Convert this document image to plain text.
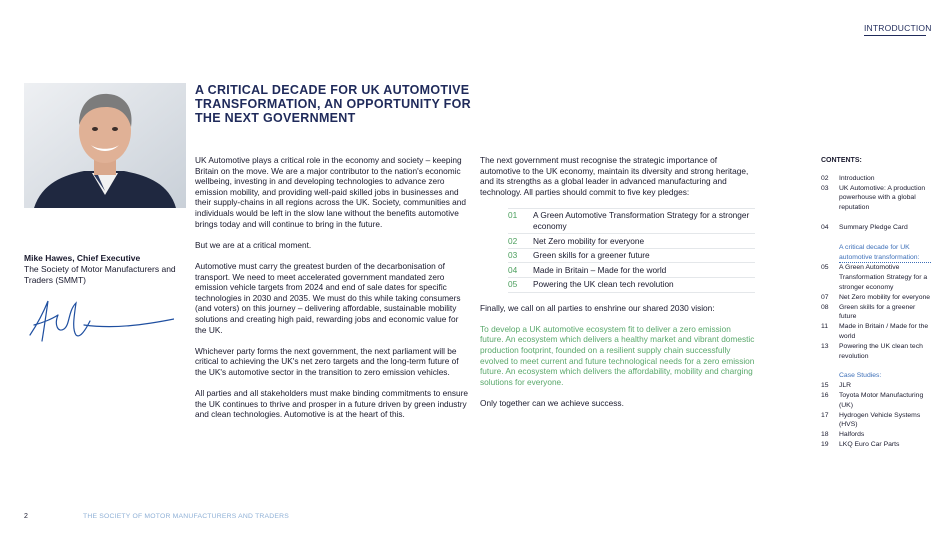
INTRODUCTION
Mike Hawes, Chief Executive
The Society of Motor Manufacturers and Traders (SMMT)
A CRITICAL DECADE FOR UK AUTOMOTIVE TRANSFORMATION, AN OPPORTUNITY FOR THE NEXT GOVERNMENT

UK Automotive plays a critical role in the economy and society – keeping Britain on the move. We are a major contributor to the nation's economic wellbeing, investing in and developing technologies to advance zero emission mobility, and providing well-paid skilled jobs in businesses and their supply-chains in all regions across the UK. Society, communities and individuals would be left in the slow lane without the benefits automotive brings today and will continue to bring in the future.

But we are at a critical moment.

Automotive must carry the greatest burden of the decarbonisation of transport. We need to meet accelerated government mandated zero emission vehicle targets from 2024 and end of sale dates for specific technologies in 2030 and 2035. We must do this while taking consumers (and voters) on this journey – delivering affordable, sustainable mobility solutions and creating high paid, rewarding jobs and economic value for the UK.

Whichever party forms the next government, the next parliament will be critical to achieving the UK's net zero targets and the long-term future of the UK's automotive sector in the transition to zero emission vehicles.

All parties and all stakeholders must make binding commitments to ensure the UK continues to thrive and prosper in a future driven by green industry and clean technologies. Automotive is at the heart of this.

The next government must recognise the strategic importance of automotive to the UK economy, maintain its diversity and strong heritage, and its strengths as a global leader in advanced manufacturing and technology. All parties should commit to five key pledges:

01	A Green Automotive Transformation Strategy for a stronger economy
02	Net Zero mobility for everyone
03	Green skills for a greener future
04	Made in Britain – Made for the world
05	Powering the UK clean tech revolution

Finally, we call on all parties to enshrine our shared 2030 vision:

To develop a UK automotive ecosystem fit to deliver a zero emission future. An ecosystem which delivers a healthy market and vibrant domestic production footprint, founded on a resilient supply chain successfully evolved to meet current and future technological needs for a zero emission future. An ecosystem which delivers the affordability, mobility and charging solutions for everyone.

Only together can we achieve success.

CONTENTS:
02	Introduction
03	UK Automotive: A production powerhouse with a global reputation
04	Summary Pledge Card
A critical decade for UK automotive transformation:
05	A Green Automotive Transformation Strategy for a stronger economy
07	Net Zero mobility for everyone
08	Green skills for a greener future
11	Made in Britain / Made for the world
13	Powering the UK clean tech revolution
Case Studies:
15	JLR
16	Toyota Motor Manufacturing (UK)
17	Hydrogen Vehicle Systems (HVS)
18	Halfords
19	LKQ Euro Car Parts
2	THE SOCIETY OF MOTOR MANUFACTURERS AND TRADERS
